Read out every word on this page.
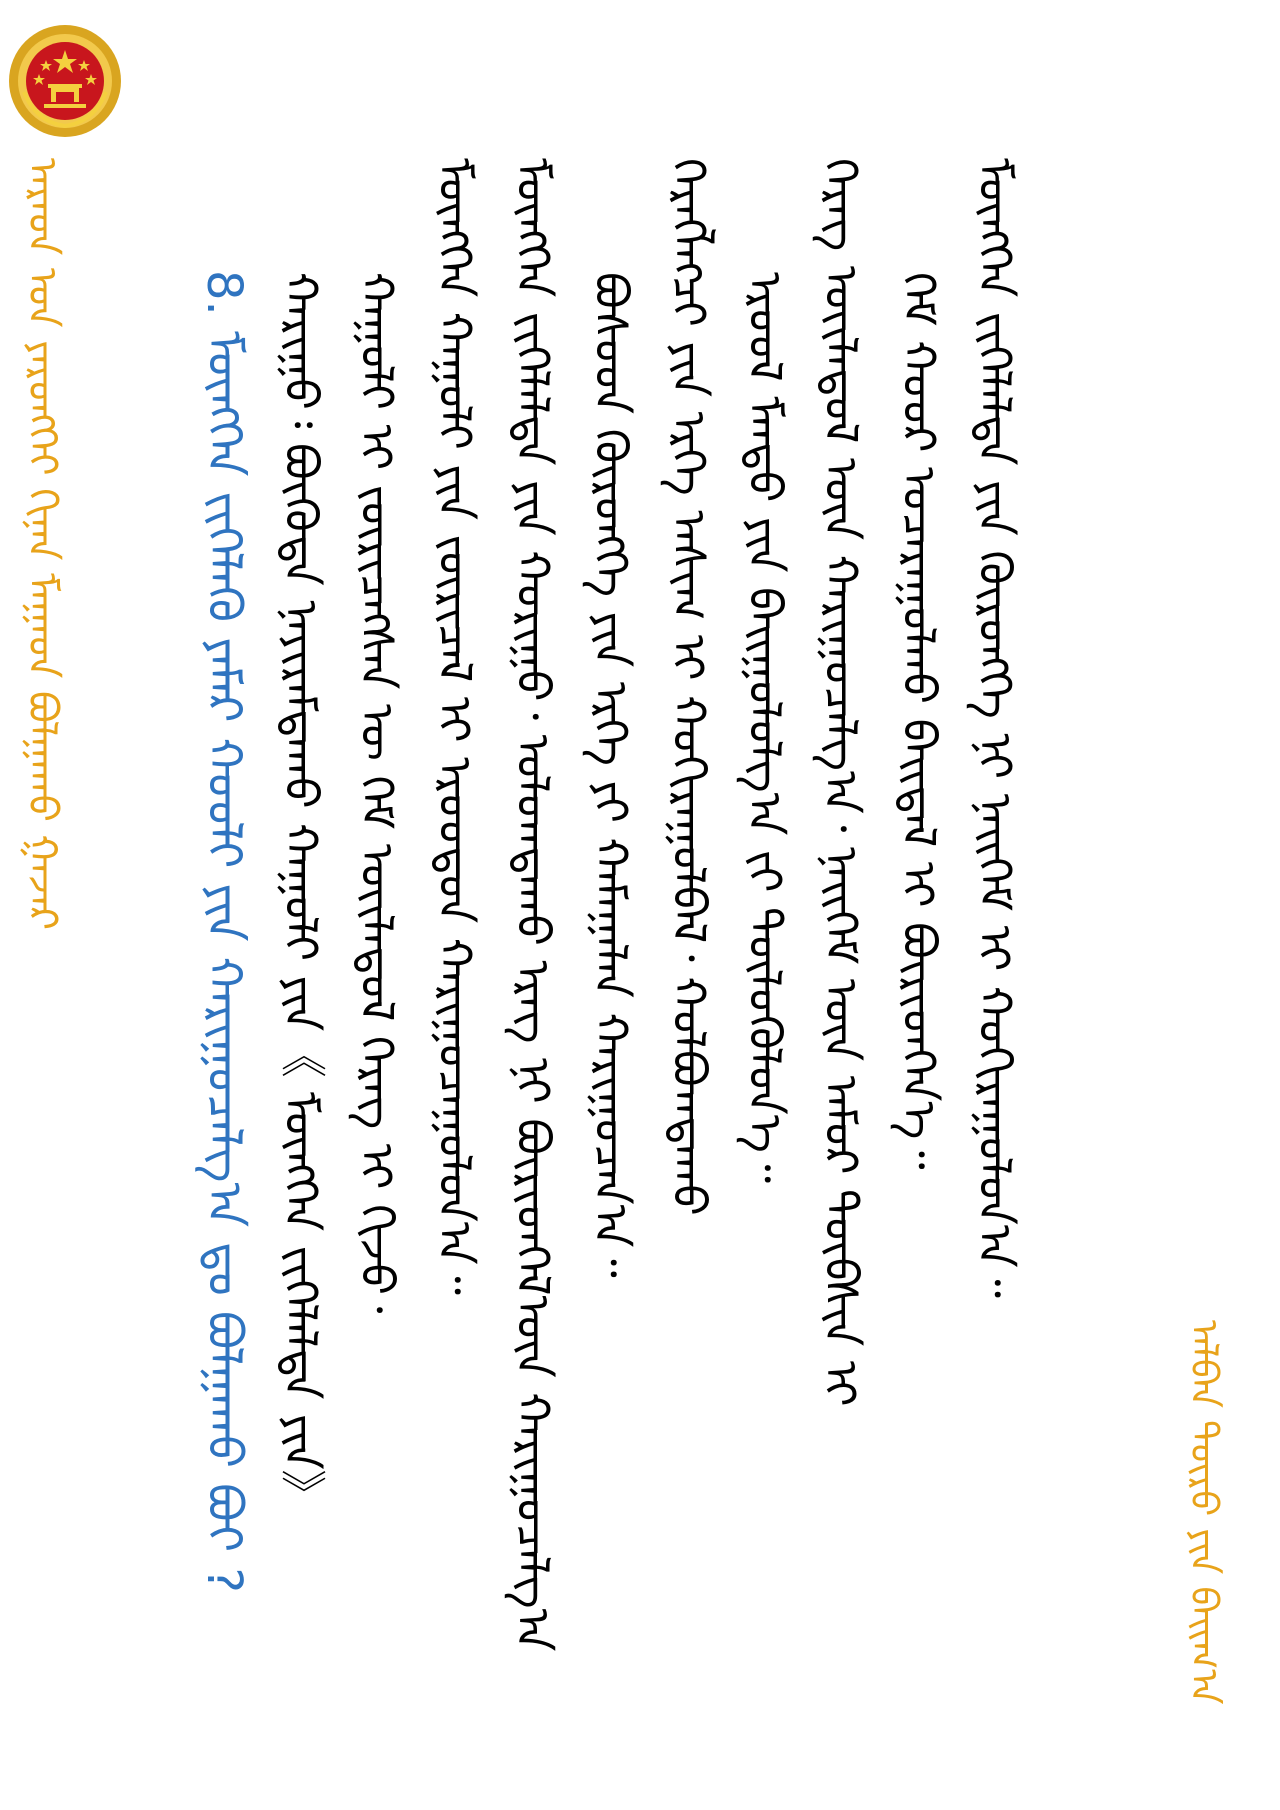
ᠠᠷᠠᠳ ᠤᠨ ᠶᠡᠷᠦᠩᠬᠡᠢ ᠬᠢᠨᠠᠨ ᠮᠠᠭᠠᠳ ᠪᠣᠯᠭᠠᠬᠤ ᠭᠠᠵᠠᠷ	8. ᠮᠥᠩᠭᠡᠨ ᠵᠢᠭᠡᠯᠡᠬᠦ ᠶᠠᠮᠠᠷ ᠬᠤᠤᠯᠢ ᠶᠢᠨ ᠬᠠᠷᠢᠭᠤᠴᠠᠯᠭ᠎ᠠ ᠳᠤ ᠪᠣᠯᠭᠠᠬᠤ ᠪᠤᠢ ? ᠬᠠᠷᠢᠭᠤ᠄ ᠪᠦᠭᠦᠳᠡ ᠨᠠᠶᠢᠷᠠᠮᠳᠠᠬᠤ ᠬᠠᠭᠤᠯᠢ ᠶᠢᠨ《 ᠮᠥᠩᠭᠡᠨ ᠵᠢᠭᠡᠯᠡᠯᠲᠡ ᠶᠢᠨ》 ᠬᠠᠭᠤᠯᠢ ᠢ ᠵᠥᠷᠢᠴᠡᠭᠰᠡᠨ ᠦ ᠭᠡᠮ ᠦᠢᠯᠡᠳᠦᠯ ᠬᠡᠷᠡᠭ ᠢ ᠬᠢᠵᠦ᠂ ᠮᠥᠩᠭᠡᠨ ᠬᠠᠭᠤᠯᠢ ᠶᠢᠨ ᠵᠥᠷᠢᠴᠡᠯ ᠢ ᠡᠷᠦᠦᠳᠦᠨ ᠬᠠᠷᠢᠭᠤᠴᠠᠭᠤᠯᠤᠨ᠎ᠠ᠃ ᠮᠥᠩᠭᠡᠨ ᠵᠢᠭᠡᠯᠡᠯᠲᠡ ᠶᠢᠨ ᠬᠤᠷᠢᠭᠤ᠂ ᠤᠯᠤᠭᠳᠠᠬᠤ ᠡᠷᠡᠭ ᠨᠢ ᠪᠦᠷᠢᠳᠬᠡᠯ᠎ᠦᠨ ᠬᠠᠷᠢᠭᠤᠴᠠᠯᠭ᠎ᠠ ᠪᠤᠰᠤᠳ ᠬᠥᠷᠥᠩᠭᠡ ᠶᠢᠨ ᠡᠷᠬᠡ ᠶᠢ ᠬᠠᠮᠠᠭᠠᠯᠠᠨ ᠬᠠᠷᠢᠭᠤᠴᠠᠨ᠎ᠠ᠃ ᠬᠡᠷᠡᠭᠯᠡᠭᠴᠢ ᠶᠢᠨ ᠡᠷᠬᠡ ᠠᠰᠢᠭ ᠢ ᠬᠣᠬᠢᠷᠠᠭᠤᠯᠪᠠᠯ᠂ ᠬᠣᠯᠪᠣᠭᠳᠠᠬᠤ ᠡᠷᠦᠦᠯ ᠮᠡᠨᠳᠦ ᠶᠢᠨ ᠪᠠᠢᠭᠤᠯᠤᠯᠭ᠎ᠠ ᠵᠢ ᠲᠥᠯᠥᠭᠦᠯᠦᠨ᠎ᠡ᠃ ᠬᠡᠷᠡᠭ ᠦᠢᠯᠡᠳᠦᠯ ᠦᠨ ᠬᠠᠷᠢᠭᠤᠴᠠᠯᠭ᠎ᠠ᠂ ᠨᠡᠢᠭᠡᠮ ᠦᠨ ᠠᠮᠤᠷ ᠲᠦᠪᠰᠢᠨ ᠢ ᠭᠡᠮ ᠬᠣᠣᠷ ᠤᠴᠠᠷᠠᠭᠤᠯᠬᠤ ᠪᠠᠢᠳᠠᠯ ᠢ ᠪᠦᠷᠢᠳᠬᠡᠨ᠎ᠡ᠃ ᠮᠥᠩᠭᠡᠨ ᠵᠢᠭᠡᠯᠡᠯᠲᠡ ᠶᠢᠨ ᠬᠥᠷᠥᠩᠭᠡ ᠨᠢ ᠨᠡᠢᠭᠡᠮ ᠢ ᠬᠣᠬᠢᠷᠠᠭᠤᠯᠤᠨ᠎ᠠ᠃
ᠠᠯᠪᠠᠨ ᠲᠥᠷᠥ ᠶᠢᠨ ᠪᠠᠢᠭ᠎ᠠ
